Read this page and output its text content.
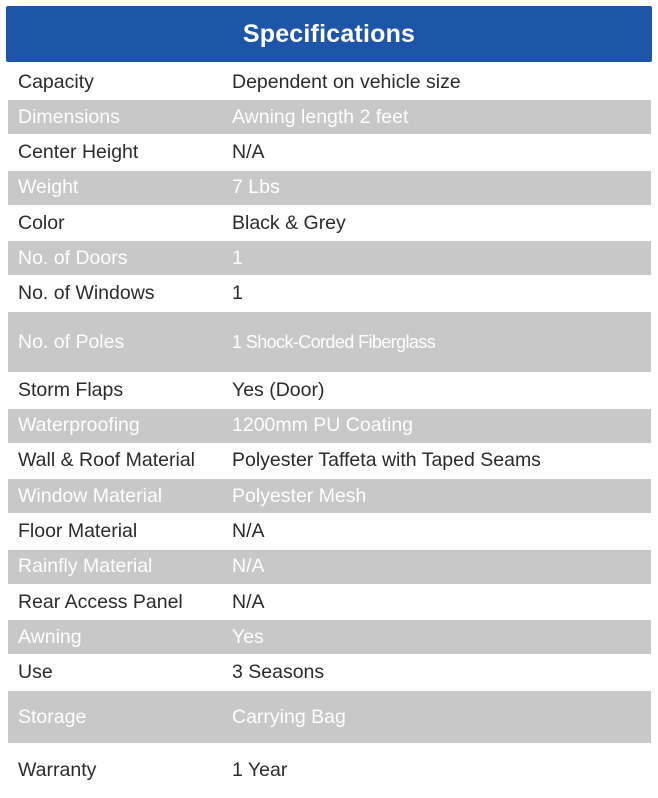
Specifications
Capacity	Dependent on vehicle size
Dimensions	Awning length 2 feet
Center Height	N/A
Weight	7 Lbs
Color	Black & Grey
No. of Doors	1
No. of Windows	1
No. of Poles	1 Shock-Corded Fiberglass
Storm Flaps	Yes (Door)
Waterproofing	1200mm PU Coating
Wall & Roof Material	Polyester Taffeta with Taped Seams
Window Material	Polyester Mesh
Floor Material	N/A
Rainfly Material	N/A
Rear Access Panel	N/A
Awning	Yes
Use	3 Seasons
Storage	Carrying Bag
Warranty	1 Year
